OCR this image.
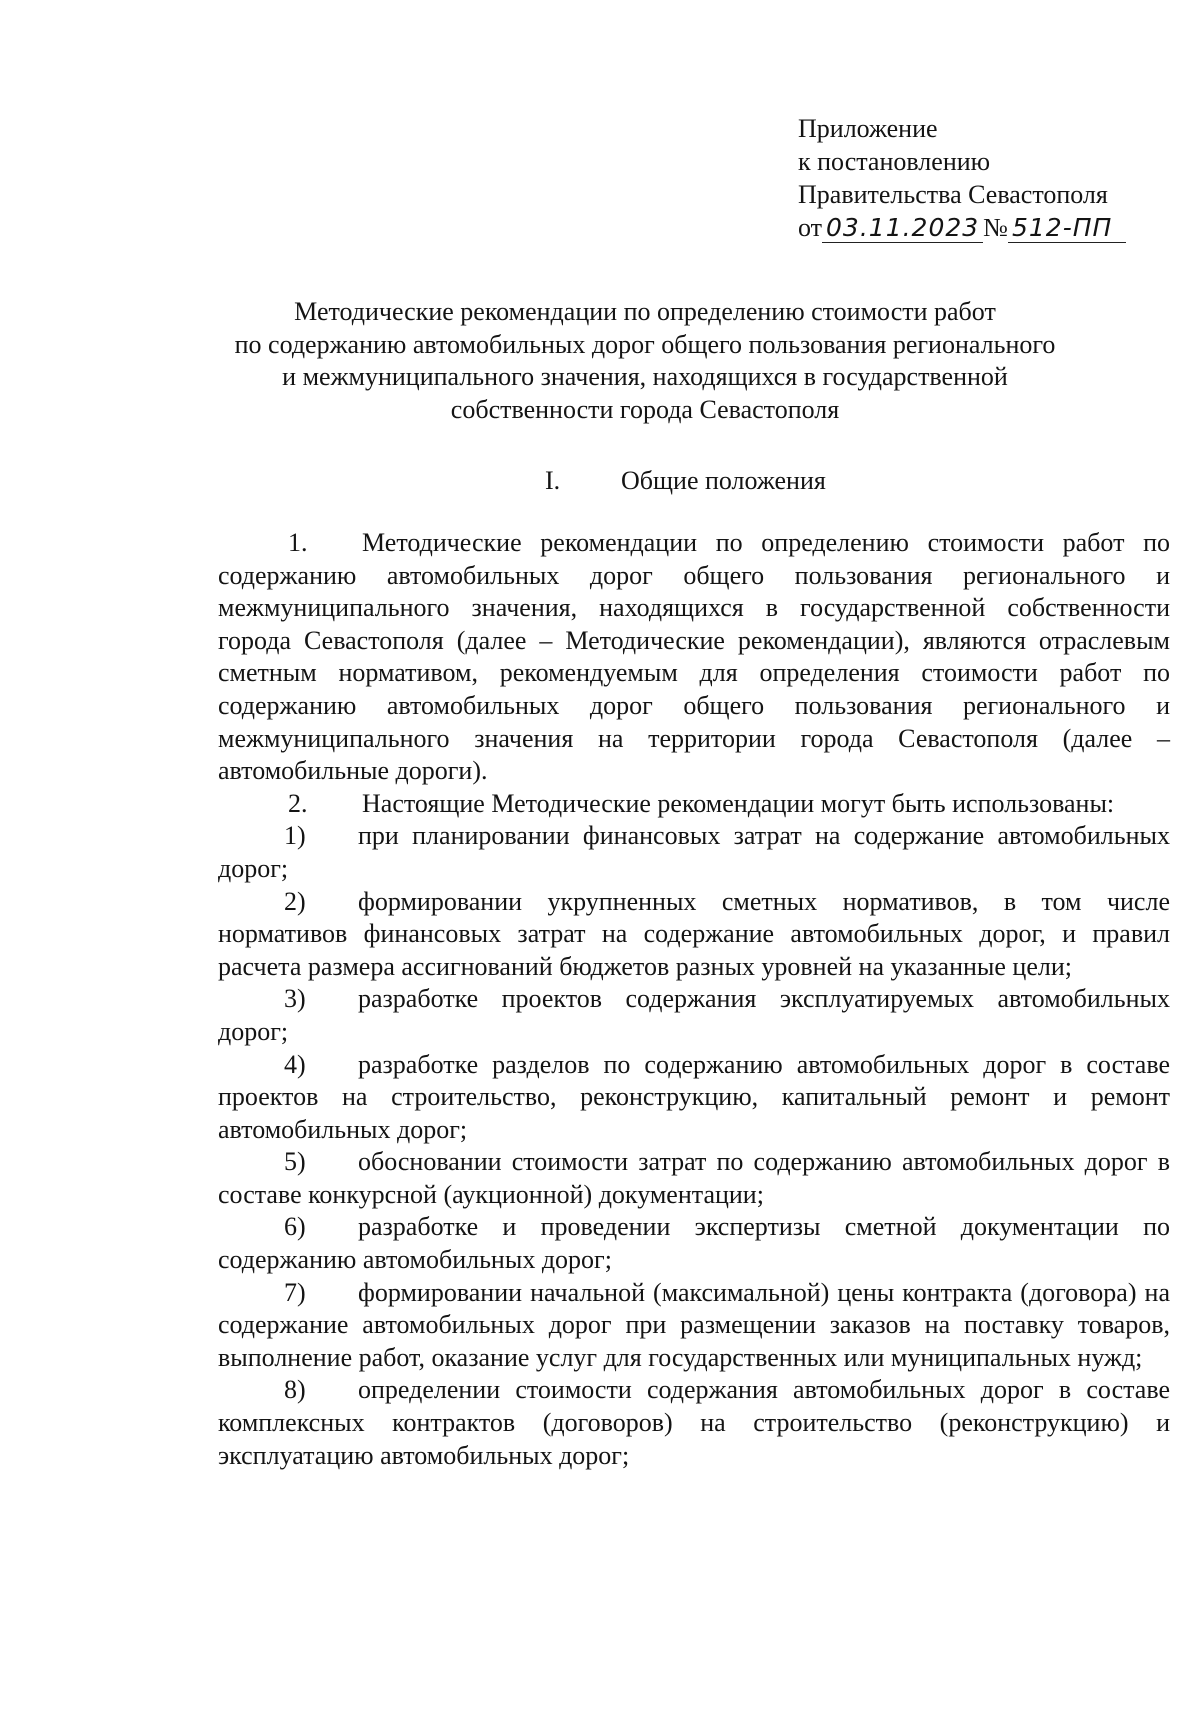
Приложение
к постановлению
Правительства Севастополя
от 03.11.2023 № 512-ПП
Методические рекомендации по определению стоимости работ
по содержанию автомобильных дорог общего пользования регионального
и межмуниципального значения, находящихся в государственной
собственности города Севастополя
I. Общие положения

1. Методические рекомендации по определению стоимости работ по содержанию автомобильных дорог общего пользования регионального и межмуниципального значения, находящихся в государственной собственности города Севастополя (далее – Методические рекомендации), являются отраслевым сметным нормативом, рекомендуемым для определения стоимости работ по содержанию автомобильных дорог общего пользования регионального и межмуниципального значения на территории города Севастополя (далее – автомобильные дороги).

2. Настоящие Методические рекомендации могут быть использованы:

1) при планировании финансовых затрат на содержание автомобильных дорог;

2) формировании укрупненных сметных нормативов, в том числе нормативов финансовых затрат на содержание автомобильных дорог, и правил расчета размера ассигнований бюджетов разных уровней на указанные цели;

3) разработке проектов содержания эксплуатируемых автомобильных дорог;

4) разработке разделов по содержанию автомобильных дорог в составе проектов на строительство, реконструкцию, капитальный ремонт и ремонт автомобильных дорог;

5) обосновании стоимости затрат по содержанию автомобильных дорог в составе конкурсной (аукционной) документации;

6) разработке и проведении экспертизы сметной документации по содержанию автомобильных дорог;

7) формировании начальной (максимальной) цены контракта (договора) на содержание автомобильных дорог при размещении заказов на поставку товаров, выполнение работ, оказание услуг для государственных или муниципальных нужд;

8) определении стоимости содержания автомобильных дорог в составе комплексных контрактов (договоров) на строительство (реконструкцию) и эксплуатацию автомобильных дорог;
